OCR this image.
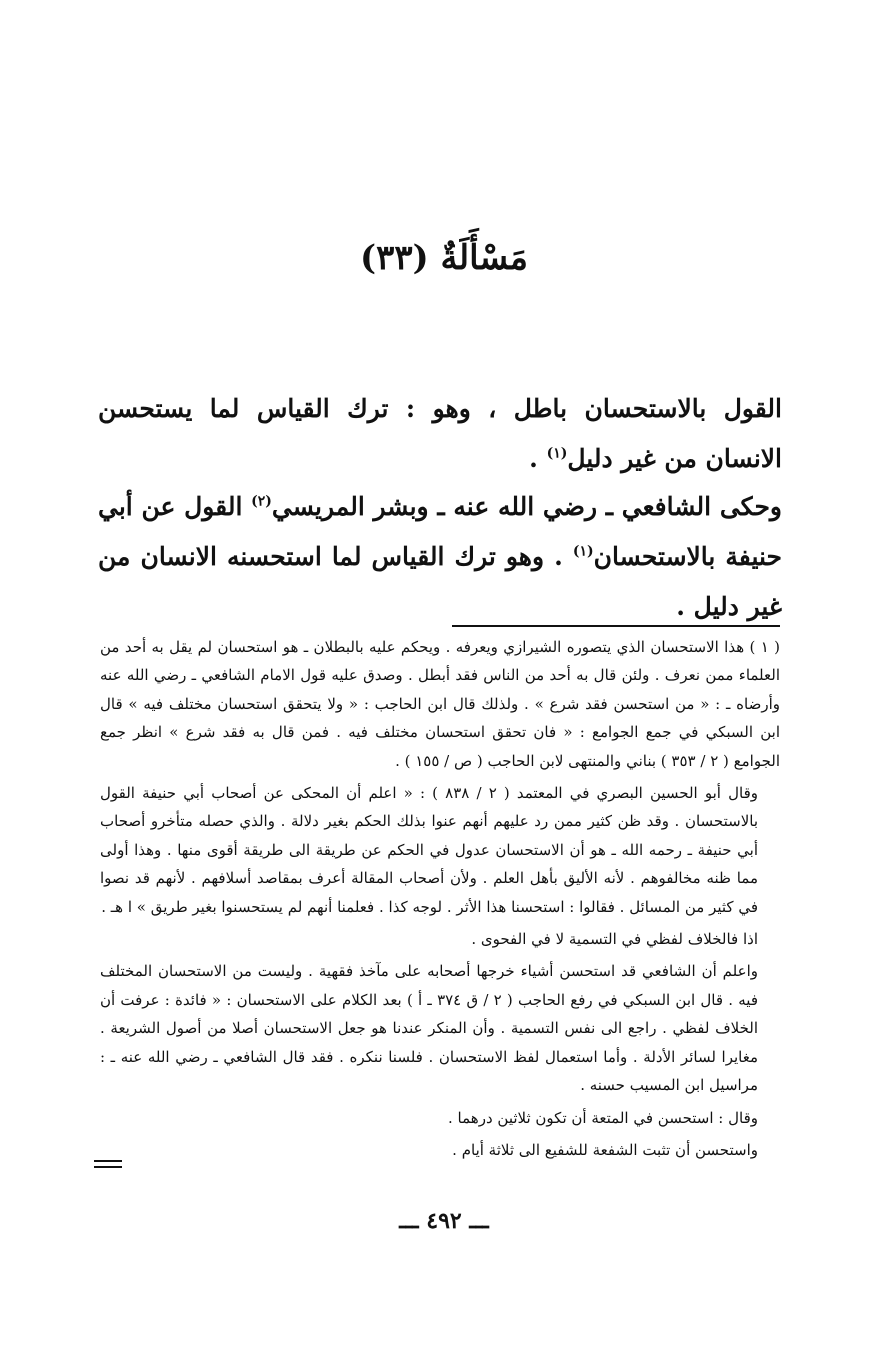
مَسْأَلَةٌ (٣٣)
القول بالاستحسان باطل ، وهو : ترك القياس لما يستحسن الانسان من غير دليل$^{(١)}$ .
وحكى الشافعي ـ رضي الله عنه ـ وبشر المريسي$^{(٢)}$ القول عن أبي حنيفة بالاستحسان$^{(١)}$ . وهو ترك القياس لما استحسنه الانسان من غير دليل .

( ١ ) هذا الاستحسان الذي يتصوره الشيرازي ويعرفه . ويحكم عليه بالبطلان ـ هو استحسان لم يقل به أحد من العلماء ممن نعرف . ولئن قال به أحد من الناس فقد أبطل . وصدق عليه قول الامام الشافعي ـ رضي الله عنه وأرضاه ـ : « من استحسن فقد شرع » . ولذلك قال ابن الحاجب : « ولا يتحقق استحسان مختلف فيه » قال ابن السبكي في جمع الجوامع : « فان تحقق استحسان مختلف فيه . فمن قال به فقد شرع » انظر جمع الجوامع ( ٢ / ٣٥٣ ) بناني والمنتهى لابن الحاجب ( ص / ١٥٥ ) .

وقال أبو الحسين البصري في المعتمد ( ٢ / ٨٣٨ ) : « اعلم أن المحكى عن أصحاب أبي حنيفة القول بالاستحسان . وقد ظن كثير ممن رد عليهم أنهم عنوا بذلك الحكم بغير دلالة . والذي حصله متأخرو أصحاب أبي حنيفة ـ رحمه الله ـ هو أن الاستحسان عدول في الحكم عن طريقة الى طريقة أقوى منها . وهذا أولى مما ظنه مخالفوهم . لأنه الأليق بأهل العلم . ولأن أصحاب المقالة أعرف بمقاصد أسلافهم . لأنهم قد نصوا في كثير من المسائل . فقالوا : استحسنا هذا الأثر . لوجه كذا . فعلمنا أنهم لم يستحسنوا بغير طريق » ا هـ .

اذا فالخلاف لفظي في التسمية لا في الفحوى .

واعلم أن الشافعي قد استحسن أشياء خرجها أصحابه على مآخذ فقهية . وليست من الاستحسان المختلف فيه . قال ابن السبكي في رفع الحاجب ( ٢ / ق ٣٧٤ ـ أ ) بعد الكلام على الاستحسان : « فائدة : عرفت أن الخلاف لفظي . راجع الى نفس التسمية . وأن المنكر عندنا هو جعل الاستحسان أصلا من أصول الشريعة . مغايرا لسائر الأدلة . وأما استعمال لفظ الاستحسان . فلسنا ننكره . فقد قال الشافعي ـ رضي الله عنه ـ : مراسيل ابن المسيب حسنه .

وقال : استحسن في المتعة أن تكون ثلاثين درهما .

واستحسن أن تثبت الشفعة للشفيع الى ثلاثة أيام .

ـــ ٤٩٢ ـــ
